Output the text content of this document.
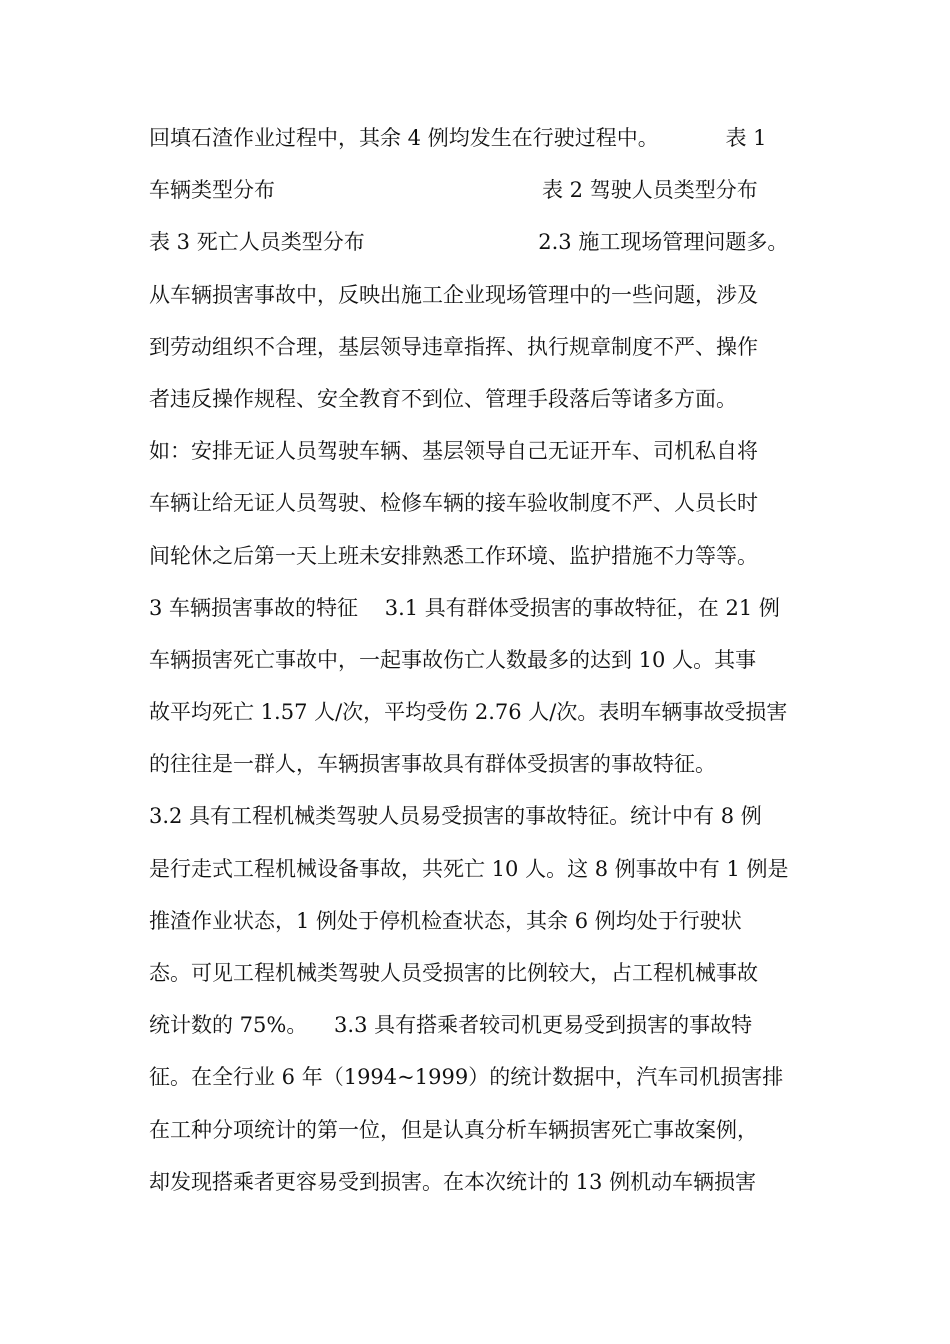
回填石渣作业过程中，其余 4 例均发生在行驶过程中。          表 1
车辆类型分布                                        表 2 驾驶人员类型分布
表 3 死亡人员类型分布                          2.3 施工现场管理问题多。
从车辆损害事故中，反映出施工企业现场管理中的一些问题，涉及
到劳动组织不合理，基层领导违章指挥、执行规章制度不严、操作
者违反操作规程、安全教育不到位、管理手段落后等诸多方面。
如：安排无证人员驾驶车辆、基层领导自己无证开车、司机私自将
车辆让给无证人员驾驶、检修车辆的接车验收制度不严、人员长时
间轮休之后第一天上班未安排熟悉工作环境、监护措施不力等等。
3 车辆损害事故的特征    3.1 具有群体受损害的事故特征，在 21 例
车辆损害死亡事故中，一起事故伤亡人数最多的达到 10 人。其事
故平均死亡 1.57 人/次，平均受伤 2.76 人/次。表明车辆事故受损害
的往往是一群人，车辆损害事故具有群体受损害的事故特征。
3.2 具有工程机械类驾驶人员易受损害的事故特征。统计中有 8 例
是行走式工程机械设备事故，共死亡 10 人。这 8 例事故中有 1 例是
推渣作业状态，1 例处于停机检查状态，其余 6 例均处于行驶状
态。可见工程机械类驾驶人员受损害的比例较大，占工程机械事故
统计数的 75%。    3.3 具有搭乘者较司机更易受到损害的事故特
征。在全行业 6 年（1994~1999）的统计数据中，汽车司机损害排
在工种分项统计的第一位，但是认真分析车辆损害死亡事故案例，
却发现搭乘者更容易受到损害。在本次统计的 13 例机动车辆损害
